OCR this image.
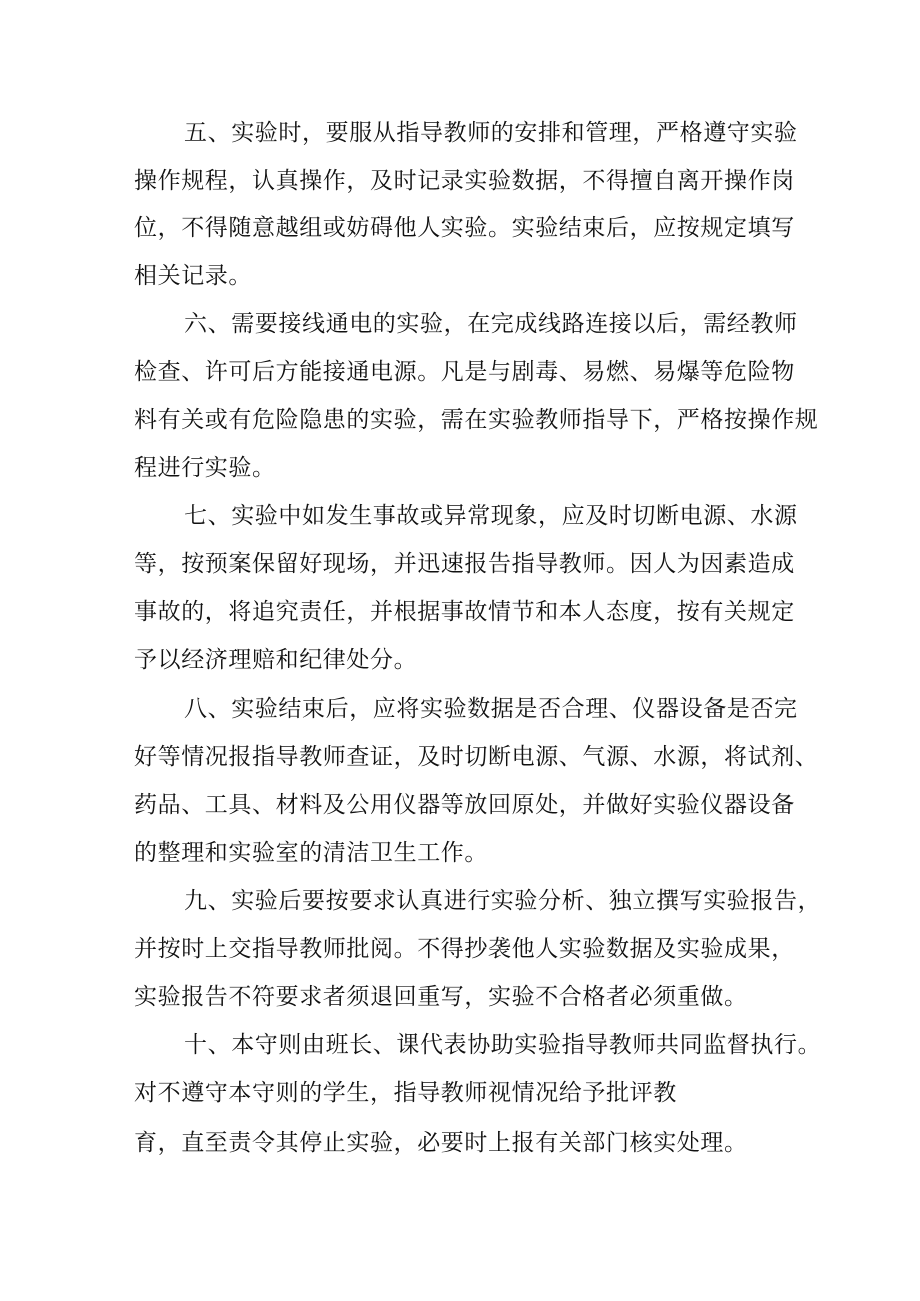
五、实验时，要服从指导教师的安排和管理，严格遵守实验

操作规程，认真操作，及时记录实验数据，不得擅自离开操作岗

位，不得随意越组或妨碍他人实验。实验结束后，应按规定填写

相关记录。

六、需要接线通电的实验，在完成线路连接以后，需经教师

检查、许可后方能接通电源。凡是与剧毒、易燃、易爆等危险物

料有关或有危险隐患的实验，需在实验教师指导下，严格按操作规

程进行实验。

七、实验中如发生事故或异常现象，应及时切断电源、水源

等，按预案保留好现场，并迅速报告指导教师。因人为因素造成

事故的，将追究责任，并根据事故情节和本人态度，按有关规定

予以经济理赔和纪律处分。

八、实验结束后，应将实验数据是否合理、仪器设备是否完

好等情况报指导教师查证，及时切断电源、气源、水源，将试剂、

药品、工具、材料及公用仪器等放回原处，并做好实验仪器设备

的整理和实验室的清洁卫生工作。

九、实验后要按要求认真进行实验分析、独立撰写实验报告，

并按时上交指导教师批阅。不得抄袭他人实验数据及实验成果，

实验报告不符要求者须退回重写，实验不合格者必须重做。

十、本守则由班长、课代表协助实验指导教师共同监督执行。

对不遵守本守则的学生，指导教师视情况给予批评教

育，直至责令其停止实验，必要时上报有关部门核实处理。
